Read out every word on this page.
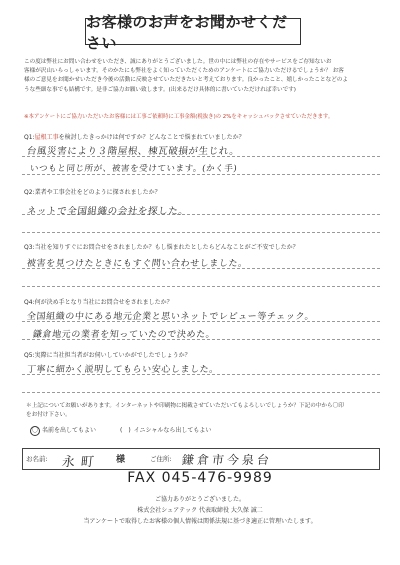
お客様のお声をお聞かせください
この度は弊社にお問い合わせをいただき、誠にありがとうございました。世の中には弊社の存在やサービスをご存知ないお
客様が沢山いらっしゃいます。そのかたにも弊社をよく知っていただくためのアンケートにご協力いただけるでしょうか？ お客
様のご意見をお聞かせいただき今後の活動に反映させていただきたいと考えております。良かったこと、嬉しかったことなどのよ
うな些細な事でも結構です。是非ご協力お願い致します。(出来るだけ具体的に書いていただければ幸いです)
※本アンケートにご協力いただいたお客様には工事ご依頼時に工事金額(税抜き)の 2%をキャッシュバックさせていただきます。
Q1:屋根工事を検討したきっかけは何ですか？どんなことで悩まれていましたか？
台風災害により３階屋根、棟瓦破損が生じれ。
いつもと同じ所が、被害を受けています。(かく手)
Q2:業者や工事会社をどのように探されましたか？
ネットで全国組織の会社を探した。
Q3:当社を知りすぐにお問合せをされましたか？もし悩まれたとしたらどんなことがご不安でしたか？
被害を見つけたときにもすぐ問い合わせしました。
Q4:何が決め手となり当社にお問合せをされましたか？
全国組織の中にある地元企業と思いネットでレビュー等チェック。
鎌倉地元の業者を知っていたので決めた。
Q5:実際に当社担当者がお伺いしていかがでしたでしょうか？
丁寧に細かく説明してもらい安心しました。
＊上記についてお願いがあります。インターネットや印刷物に掲載させていただいてもよろしいでしょうか？下記の中から〇印
をお付け下さい。
〇 名前を出してもよい	(　) イニシャルなら出してもよい
お名前: 永町 様	ご住所: 鎌倉市今泉台
FAX 045-476-9989
ご協力ありがとうございました。
株式会社シェアテック 代表取締役 大久保 誠二
当アンケートで取得したお客様の個人情報は関係法規に基づき適正に管理いたします。
